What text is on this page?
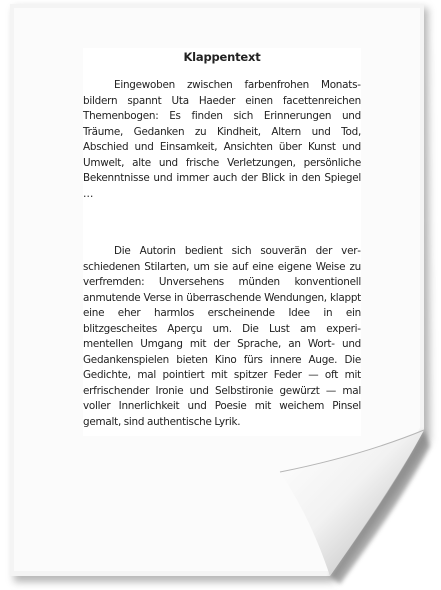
Klappentext

Eingewoben zwischen farbenfrohen Monatsbildern spannt Uta Haeder einen facettenreichen Themenbogen: Es finden sich Erinnerungen und Träume, Gedanken zu Kindheit, Altern und Tod, Abschied und Einsamkeit, Ansichten über Kunst und Umwelt, alte und frische Verletzungen, persönliche Bekenntnisse und immer auch der Blick in den Spiegel …

Die Autorin bedient sich souverän der verschiedenen Stilarten, um sie auf eine eigene Weise zu verfremden: Unversehens münden konventionell anmutende Verse in überraschende Wendungen, klappt eine eher harmlos erscheinende Idee in ein blitzgescheites Aperçu um. Die Lust am experimentellen Umgang mit der Sprache, an Wort- und Gedankenspielen bieten Kino fürs innere Auge. Die Gedichte, mal pointiert mit spitzer Feder — oft mit erfrischender Ironie und Selbstironie gewürzt — mal voller Innerlichkeit und Poesie mit weichem Pinsel gemalt, sind authentische Lyrik.
